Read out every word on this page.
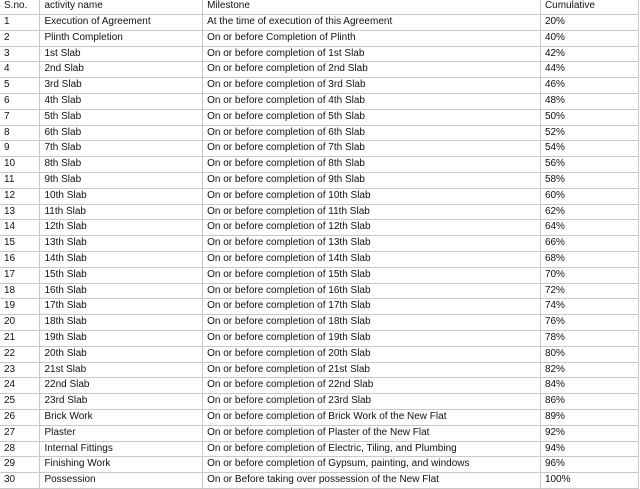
S.no.	activity name	Milestone	Cumulative
1	Execution of Agreement	At the time of execution of this Agreement	20%
2	Plinth Completion	On or before Completion of Plinth	40%
3	1st Slab	On or before completion of 1st Slab	42%
4	2nd Slab	On or before completion of 2nd Slab	44%
5	3rd Slab	On or before completion of 3rd Slab	46%
6	4th Slab	On or before completion of 4th Slab	48%
7	5th Slab	On or before completion of 5th Slab	50%
8	6th Slab	On or before completion of 6th Slab	52%
9	7th Slab	On or before completion of 7th Slab	54%
10	8th Slab	On or before completion of 8th Slab	56%
11	9th Slab	On or before completion of 9th Slab	58%
12	10th Slab	On or before completion of 10th Slab	60%
13	11th Slab	On or before completion of 11th Slab	62%
14	12th Slab	On or before completion of 12th Slab	64%
15	13th Slab	On or before completion of 13th Slab	66%
16	14th Slab	On or before completion of 14th Slab	68%
17	15th Slab	On or before completion of 15th Slab	70%
18	16th Slab	On or before completion of 16th Slab	72%
19	17th Slab	On or before completion of 17th Slab	74%
20	18th Slab	On or before completion of 18th Slab	76%
21	19th Slab	On or before completion of 19th Slab	78%
22	20th Slab	On or before completion of 20th Slab	80%
23	21st Slab	On or before completion of 21st Slab	82%
24	22nd Slab	On or before completion of 22nd Slab	84%
25	23rd Slab	On or before completion of 23rd Slab	86%
26	Brick Work	On or before completion of Brick Work of the New Flat	89%
27	Plaster	On or before completion of Plaster of the New Flat	92%
28	Internal Fittings	On or before completion of Electric, Tiling, and Plumbing	94%
29	Finishing Work	On or before completion of Gypsum, painting, and windows	96%
30	Possession	On or Before taking over possession of the New Flat	100%
